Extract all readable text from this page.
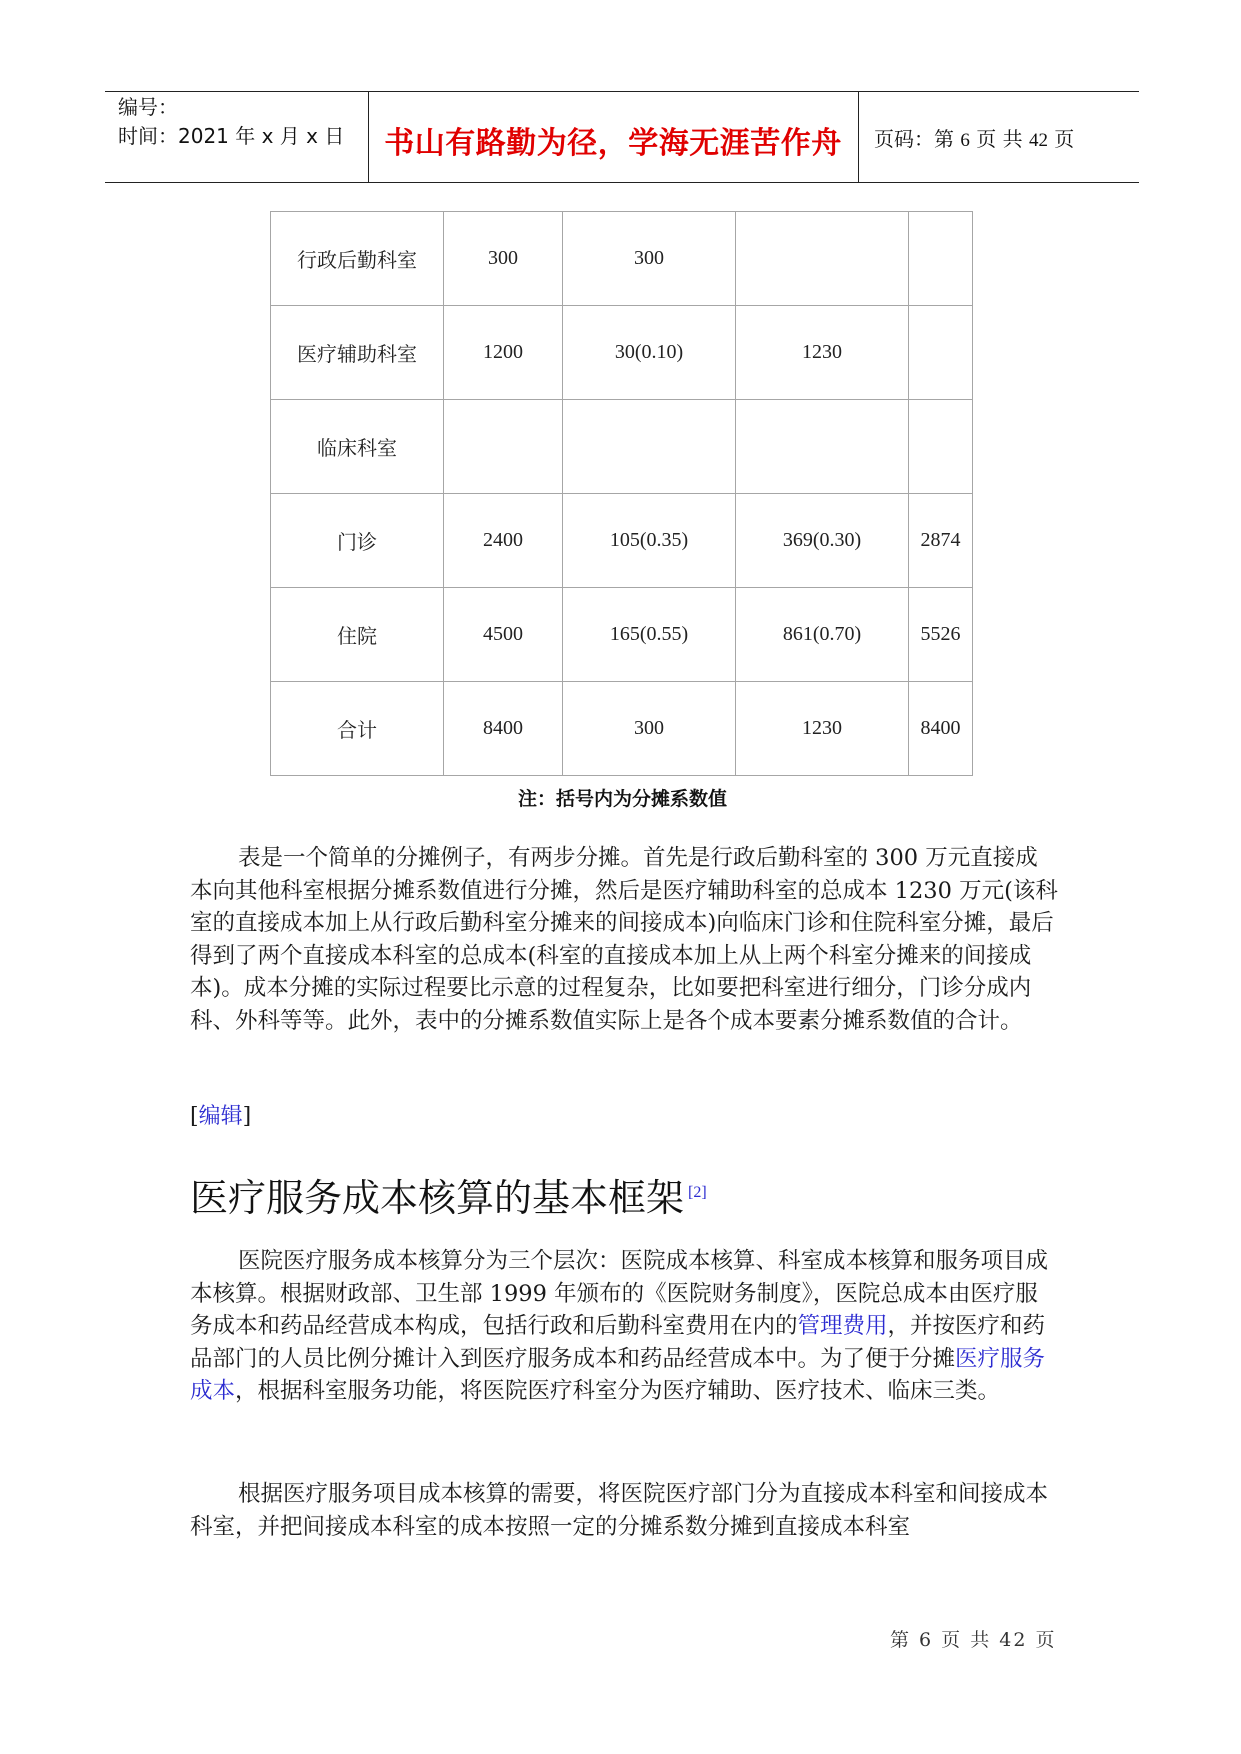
编号：
时间：2021 年 x 月 x 日	书山有路勤为径，学海无涯苦作舟	页码：第 6 页 共 42 页
行政后勤科室	300	300		
医疗辅助科室	1200	30(0.10)	1230	
临床科室				
门诊	2400	105(0.35)	369(0.30)	2874
住院	4500	165(0.55)	861(0.70)	5526
合计	8400	300	1230	8400
注：括号内为分摊系数值

表是一个简单的分摊例子，有两步分摊。首先是行政后勤科室的 300 万元直接成本向其他科室根据分摊系数值进行分摊，然后是医疗辅助科室的总成本 1230 万元(该科室的直接成本加上从行政后勤科室分摊来的间接成本)向临床门诊和住院科室分摊，最后得到了两个直接成本科室的总成本(科室的直接成本加上从上两个科室分摊来的间接成本)。成本分摊的实际过程要比示意的过程复杂，比如要把科室进行细分，门诊分成内科、外科等等。此外，表中的分摊系数值实际上是各个成本要素分摊系数值的合计。

[编辑]
医疗服务成本核算的基本框架 [2]

医院医疗服务成本核算分为三个层次：医院成本核算、科室成本核算和服务项目成本核算。根据财政部、卫生部 1999 年颁布的《医院财务制度》，医院总成本由医疗服务成本和药品经营成本构成，包括行政和后勤科室费用在内的管理费用，并按医疗和药品部门的人员比例分摊计入到医疗服务成本和药品经营成本中。为了便于分摊医疗服务成本，根据科室服务功能，将医院医疗科室分为医疗辅助、医疗技术、临床三类。

根据医疗服务项目成本核算的需要，将医院医疗部门分为直接成本科室和间接成本科室，并把间接成本科室的成本按照一定的分摊系数分摊到直接成本科室

第 6 页 共 42 页
